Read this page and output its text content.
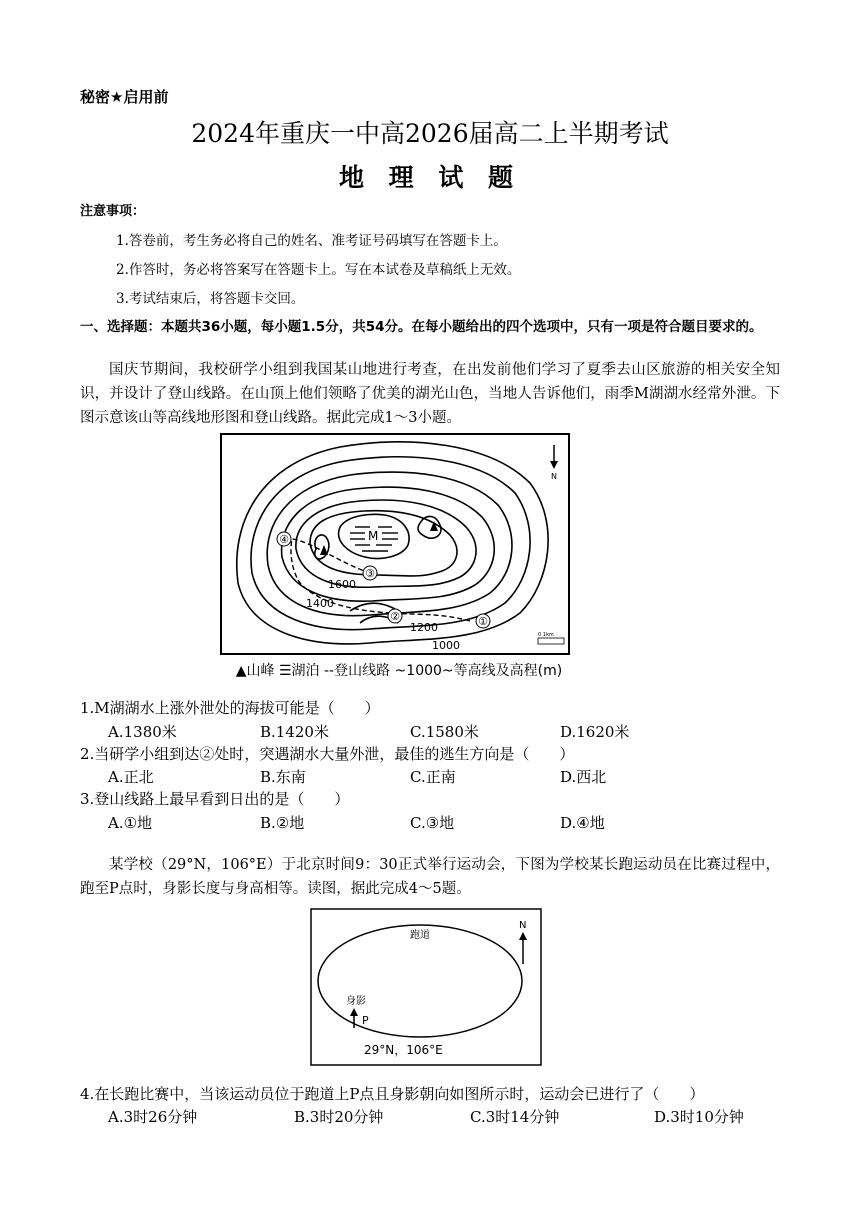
秘密★启用前
2024年重庆一中高2026届高二上半期考试
地 理 试 题
注意事项：
1.答卷前，考生务必将自己的姓名、准考证号码填写在答题卡上。
2.作答时，务必将答案写在答题卡上。写在本试卷及草稿纸上无效。
3.考试结束后，将答题卡交回。
一、选择题：本题共36小题，每小题1.5分，共54分。在每小题给出的四个选项中，只有一项是符合题目要求的。
国庆节期间，我校研学小组到我国某山地进行考查，在出发前他们学习了夏季去山区旅游的相关安全知识，并设计了登山线路。在山顶上他们领略了优美的湖光山色，当地人告诉他们，雨季M湖湖水经常外泄。下图示意该山等高线地形图和登山线路。据此完成1～3小题。
M
①
②
③
④
1600
1400
1200
1000
N
0 1km
▲山峰 ☰湖泊 --登山线路 ~1000~等高线及高程(m)
1.M湖湖水上涨外泄处的海拔可能是（　　）
A.1380米	B.1420米	C.1580米	D.1620米
2.当研学小组到达②处时，突遇湖水大量外泄，最佳的逃生方向是（　　）
A.正北	B.东南	C.正南	D.西北
3.登山线路上最早看到日出的是（　　）
A.①地	B.②地	C.③地	D.④地
某学校（29°N，106°E）于北京时间9：30正式举行运动会，下图为学校某长跑运动员在比赛过程中，跑至P点时，身影长度与身高相等。读图，据此完成4～5题。
跑道
N
身影
P
29°N，106°E
4.在长跑比赛中，当该运动员位于跑道上P点且身影朝向如图所示时，运动会已进行了（　　）
A.3时26分钟	B.3时20分钟	C.3时14分钟	D.3时10分钟
